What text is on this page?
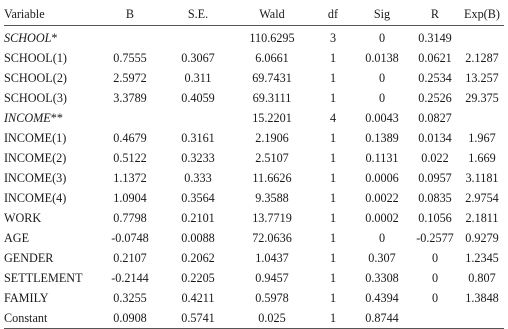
Variable	B	S.E.	Wald	df	Sig	R	Exp(B)
SCHOOL*			110.6295	3	0	0.3149	
SCHOOL(1)	0.7555	0.3067	6.0661	1	0.0138	0.0621	2.1287
SCHOOL(2)	2.5972	0.311	69.7431	1	0	0.2534	13.257
SCHOOL(3)	3.3789	0.4059	69.3111	1	0	0.2526	29.375
INCOME**			15.2201	4	0.0043	0.0827	
INCOME(1)	0.4679	0.3161	2.1906	1	0.1389	0.0134	1.967
INCOME(2)	0.5122	0.3233	2.5107	1	0.1131	0.022	1.669
INCOME(3)	1.1372	0.333	11.6626	1	0.0006	0.0957	3.1181
INCOME(4)	1.0904	0.3564	9.3588	1	0.0022	0.0835	2.9754
WORK	0.7798	0.2101	13.7719	1	0.0002	0.1056	2.1811
AGE	-0.0748	0.0088	72.0636	1	0	-0.2577	0.9279
GENDER	0.2107	0.2062	1.0437	1	0.307	0	1.2345
SETTLEMENT	-0.2144	0.2205	0.9457	1	0.3308	0	0.807
FAMILY	0.3255	0.4211	0.5978	1	0.4394	0	1.3848
Constant	0.0908	0.5741	0.025	1	0.8744		
